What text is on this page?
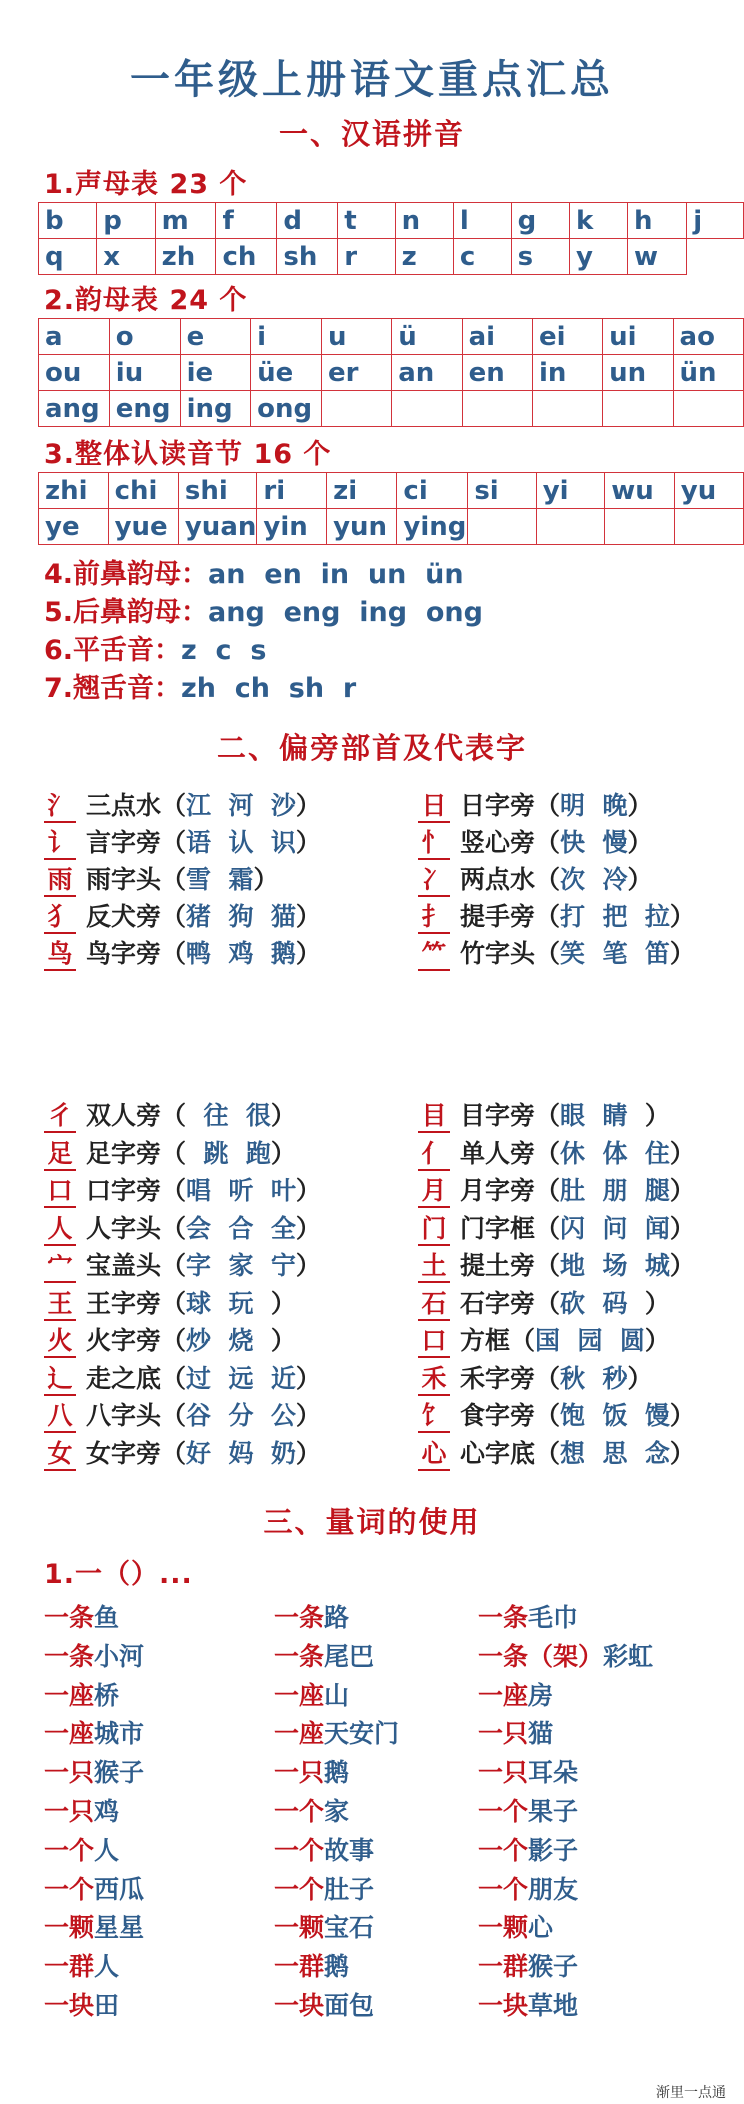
一年级上册语文重点汇总
一、汉语拼音
1.声母表 23 个
b	p	m	f	d	t	n	l	g	k	h	j
q	x	zh	ch	sh	r	z	c	s	y	w	
2.韵母表 24 个
a	o	e	i	u	ü	ai	ei	ui	ao
ou	iu	ie	üe	er	an	en	in	un	ün
ang	eng	ing	ong						
3.整体认读音节 16 个
zhi	chi	shi	ri	zi	ci	si	yi	wu	yu
ye	yue	yuan	yin	yun	ying				
4.前鼻韵母：an  en  in  un  ün
5.后鼻韵母：ang  eng  ing  ong
6.平舌音：z  c  s
7.翘舌音：zh  ch  sh  r
二、偏旁部首及代表字
氵 三点水（江  河  沙）
讠 言字旁（语  认  识）
雨 雨字头（雪  霜）
犭 反犬旁（猪  狗  猫）
鸟 鸟字旁（鸭  鸡  鹅）
日 日字旁（明  晚）
忄 竖心旁（快  慢）
冫 两点水（次  冷）
扌 提手旁（打  把  拉）
⺮ 竹字头（笑  笔  笛）
彳 双人旁（  往  很）
足 足字旁（  跳  跑）
口 口字旁（唱  听  叶）
人 人字头（会  合  全）
宀 宝盖头（字  家  宁）
王 王字旁（球  玩  ）
火 火字旁（炒  烧  ）
辶 走之底（过  远  近）
八 八字头（谷  分  公）
女 女字旁（好  妈  奶）
目 目字旁（眼  睛  ）
亻 单人旁（休  体  住）
月 月字旁（肚  朋  腿）
门 门字框（闪  问  闻）
土 提土旁（地  场  城）
石 石字旁（砍  码  ）
口 方框（国  园  圆）
禾 禾字旁（秋  秒）
饣 食字旁（饱  饭  馒）
心 心字底（想  思  念）
三、量词的使用
1.一（）...
一条鱼	一条路	一条毛巾
一条小河	一条尾巴	一条（架）彩虹
一座桥	一座山	一座房
一座城市	一座天安门	一只猫
一只猴子	一只鹅	一只耳朵
一只鸡	一个家	一个果子
一个人	一个故事	一个影子
一个西瓜	一个肚子	一个朋友
一颗星星	一颗宝石	一颗心
一群人	一群鹅	一群猴子
一块田	一块面包	一块草地
渐里一点通
